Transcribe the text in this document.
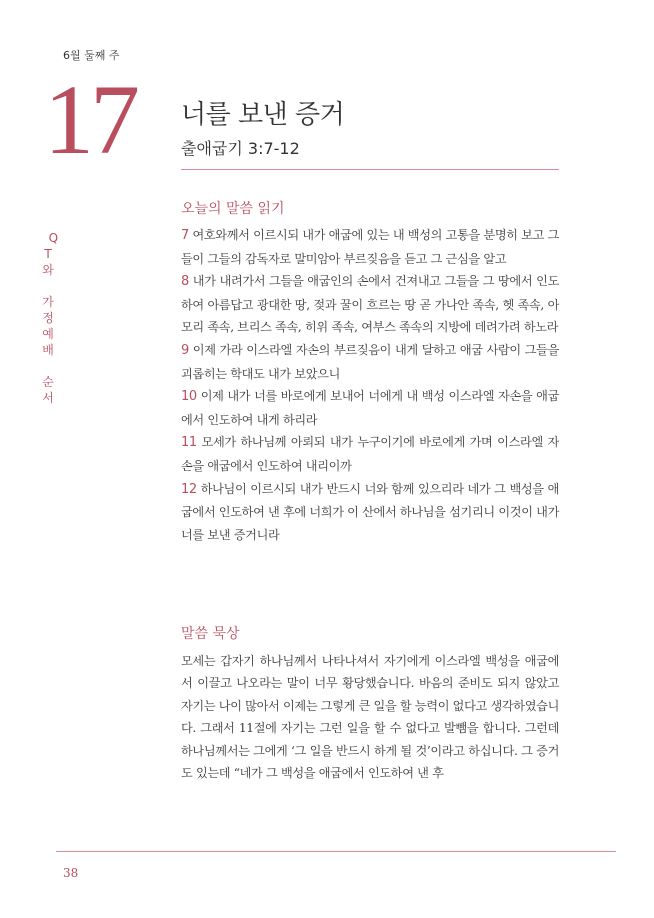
6월 둘째 주
17

Q
T
와

가
정
예
배

순
서

너를 보낸 증거
출애굽기 3:7-12
오늘의 말씀 읽기
7 여호와께서 이르시되 내가 애굽에 있는 내 백성의 고통을 분명히 보고 그들이 그들의 감독자로 말미암아 부르짖음을 듣고 그 근심을 알고
8 내가 내려가서 그들을 애굽인의 손에서 건져내고 그들을 그 땅에서 인도하여 아름답고 광대한 땅, 젖과 꿀이 흐르는 땅 곧 가나안 족속, 헷 족속, 아모리 족속, 브리스 족속, 히위 족속, 여부스 족속의 지방에 데려가려 하노라
9 이제 가라 이스라엘 자손의 부르짖음이 내게 달하고 애굽 사람이 그들을 괴롭히는 학대도 내가 보았으니
10 이제 내가 너를 바로에게 보내어 너에게 내 백성 이스라엘 자손을 애굽에서 인도하여 내게 하리라
11 모세가 하나님께 아뢰되 내가 누구이기에 바로에게 가며 이스라엘 자손을 애굽에서 인도하여 내리이까
12 하나님이 이르시되 내가 반드시 너와 함께 있으리라 네가 그 백성을 애굽에서 인도하여 낸 후에 너희가 이 산에서 하나님을 섬기리니 이것이 내가 너를 보낸 증거니라
말씀 묵상
모세는 갑자기 하나님께서 나타나셔서 자기에게 이스라엘 백성을 애굽에서 이끌고 나오라는 말이 너무 황당했습니다. 바음의 준비도 되지 않았고 자기는 나이 많아서 이제는 그렇게 큰 일을 할 능력이 없다고 생각하였습니다. 그래서 11절에 자기는 그런 일을 할 수 없다고 발뺌을 합니다. 그런데 하나님께서는 그에게 ‘그 일을 반드시 하게 될 것’이라고 하십니다. 그 증거도 있는데 “네가 그 백성을 애굽에서 인도하여 낸 후
38
